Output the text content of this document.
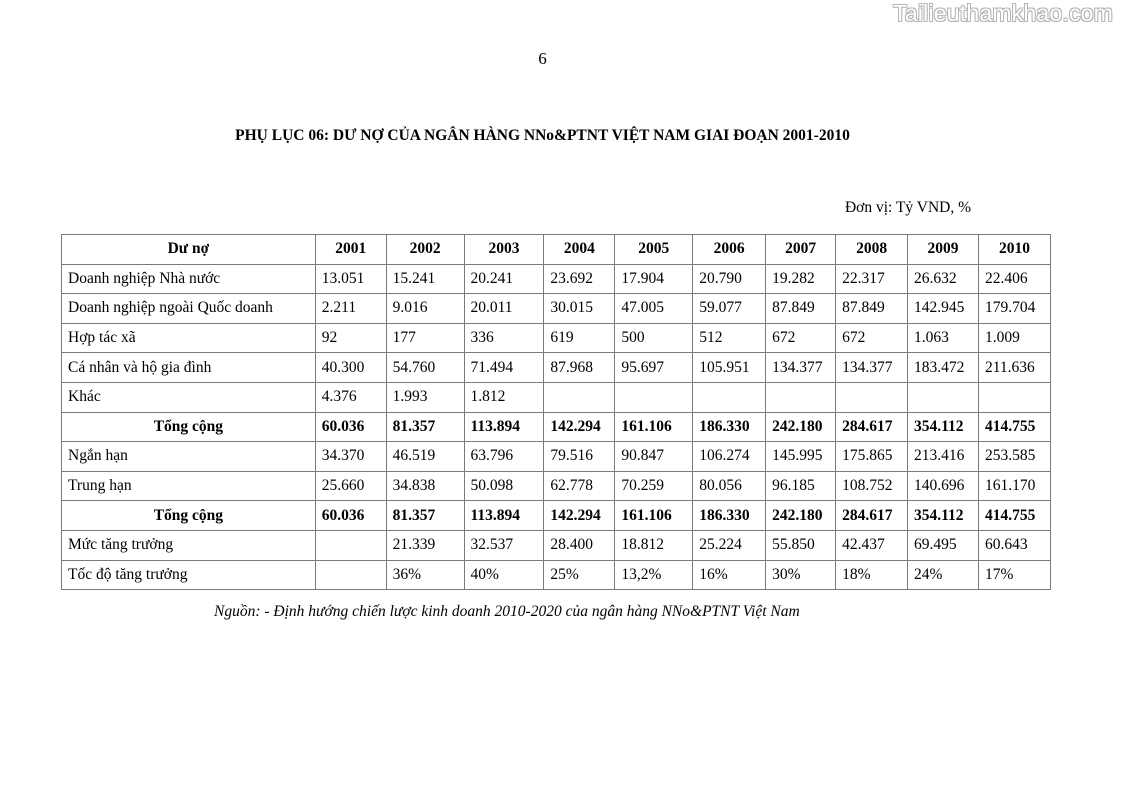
Tailieuthamkhao.com
6
PHỤ LỤC 06: DƯ NỢ CỦA NGÂN HÀNG NNo&PTNT VIỆT NAM GIAI ĐOẠN 2001-2010
Đơn vị: Tỷ VND, %
Dư nợ	2001	2002	2003	2004	2005	2006	2007	2008	2009	2010
Doanh nghiệp Nhà nước	13.051	15.241	20.241	23.692	17.904	20.790	19.282	22.317	26.632	22.406
Doanh nghiệp ngoài Quốc doanh	2.211	9.016	20.011	30.015	47.005	59.077	87.849	87.849	142.945	179.704
Hợp tác xã	92	177	336	619	500	512	672	672	1.063	1.009
Cá nhân và hộ gia đình	40.300	54.760	71.494	87.968	95.697	105.951	134.377	134.377	183.472	211.636
Khác	4.376	1.993	1.812							
Tổng cộng	60.036	81.357	113.894	142.294	161.106	186.330	242.180	284.617	354.112	414.755
Ngắn hạn	34.370	46.519	63.796	79.516	90.847	106.274	145.995	175.865	213.416	253.585
Trung hạn	25.660	34.838	50.098	62.778	70.259	80.056	96.185	108.752	140.696	161.170
Tổng cộng	60.036	81.357	113.894	142.294	161.106	186.330	242.180	284.617	354.112	414.755
Mức tăng trưởng		21.339	32.537	28.400	18.812	25.224	55.850	42.437	69.495	60.643
Tốc độ tăng trưởng		36%	40%	25%	13,2%	16%	30%	18%	24%	17%
Nguồn: - Định hướng chiến lược kinh doanh 2010-2020 của ngân hàng NNo&PTNT Việt Nam
